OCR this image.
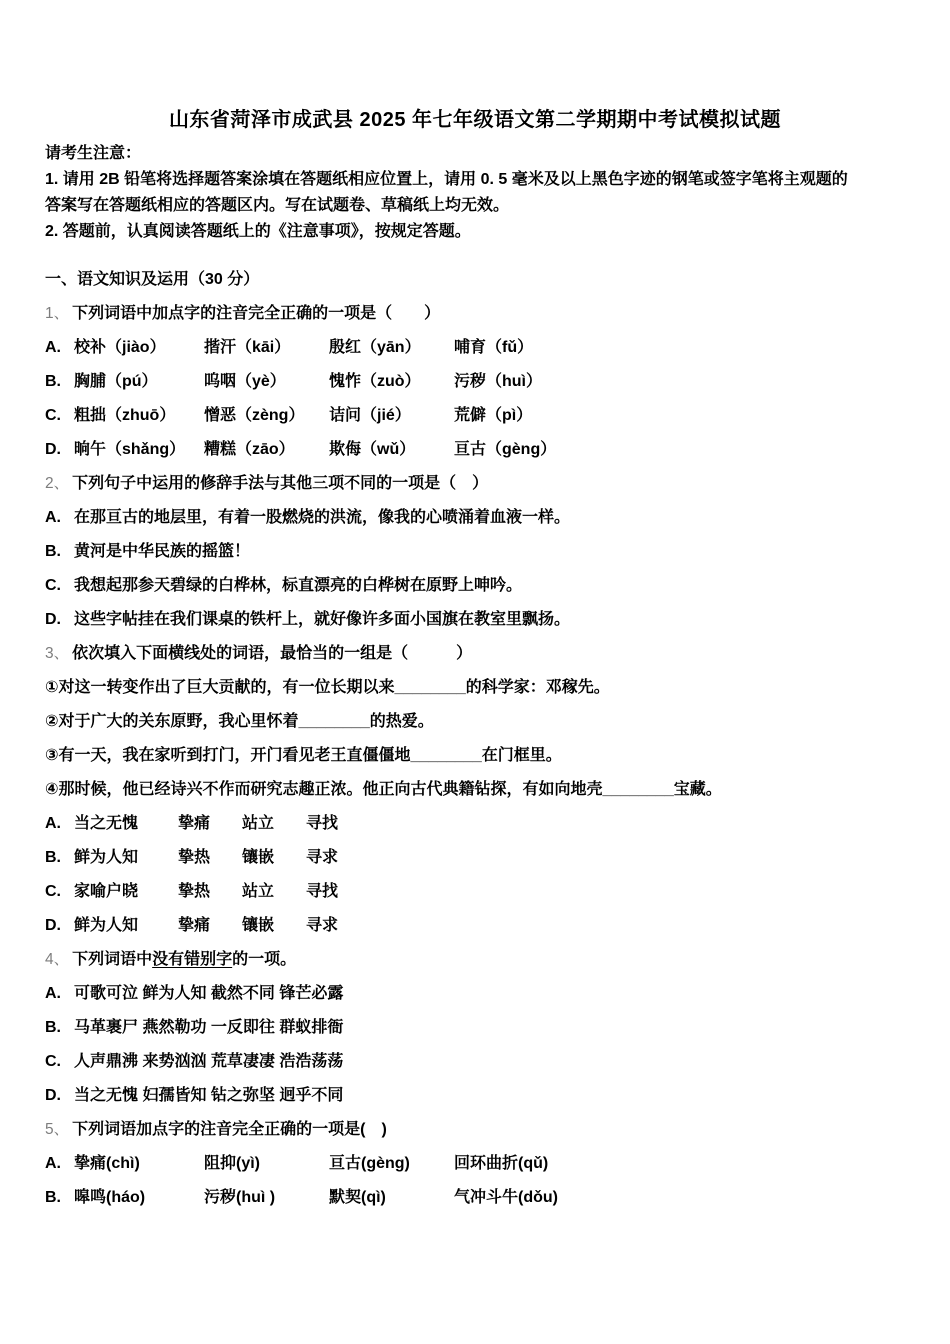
山东省菏泽市成武县 2025 年七年级语文第二学期期中考试模拟试题

请考生注意：

1. 请用 2B 铅笔将选择题答案涂填在答题纸相应位置上，请用 0. 5 毫米及以上黑色字迹的钢笔或签字笔将主观题的

答案写在答题纸相应的答题区内。写在试题卷、草稿纸上均无效。

2. 答题前，认真阅读答题纸上的《注意事项》，按规定答题。

一、语文知识及运用（30 分）

1、 下列词语中加点字的注音完全正确的一项是（　　）
A. 校补（jiào） 揩汗（kāi） 殷红（yān） 哺育（fǔ）
B. 胸脯（pú）	呜咽（yè）	愧怍（zuò） 污秽（huì）
C. 粗拙（zhuō） 憎恶（zèng） 诘问（jié）	荒僻（pì）
D. 晌午（shǎng） 糟糕（zāo） 欺侮（wǔ） 亘古（gèng）
2、 下列句子中运用的修辞手法与其他三项不同的一项是（　）
A. 在那亘古的地层里，有着一股燃烧的洪流，像我的心喷涌着血液一样。
B. 黄河是中华民族的摇篮！
C. 我想起那参天碧绿的白桦林，标直漂亮的白桦树在原野上呻吟。
D. 这些字帖挂在我们课桌的铁杆上，就好像许多面小国旗在教室里飘扬。
3、 依次填入下面横线处的词语，最恰当的一组是（　　　）
①对这一转变作出了巨大贡献的，有一位长期以来________的科学家：邓稼先。
②对于广大的关东原野，我心里怀着________的热爱。
③有一天，我在家听到打门，开门看见老王直僵僵地________在门框里。
④那时候，他已经诗兴不作而研究志趣正浓。他正向古代典籍钻探，有如向地壳________宝藏。
A. 当之无愧 挚痛 站立 寻找
B. 鲜为人知 挚热 镶嵌 寻求
C. 家喻户晓 挚热 站立 寻找
D. 鲜为人知 挚痛 镶嵌 寻求
4、 下列词语中没有错别字的一项。
A. 可歌可泣 鲜为人知 截然不同 锋芒必露
B. 马革裹尸 燕然勒功 一反即往 群蚁排衙
C. 人声鼎沸 来势汹汹 荒草凄凄 浩浩荡荡
D. 当之无愧 妇孺皆知 钻之弥坚 迥乎不同
5、 下列词语加点字的注音完全正确的一项是(　)
A. 挚痛(chì)	阻抑(yì)	亘古(gèng)	回环曲折(qǔ)
B. 嗥鸣(háo)	污秽(huì )	默契(qì)	气冲斗牛(dǒu)
